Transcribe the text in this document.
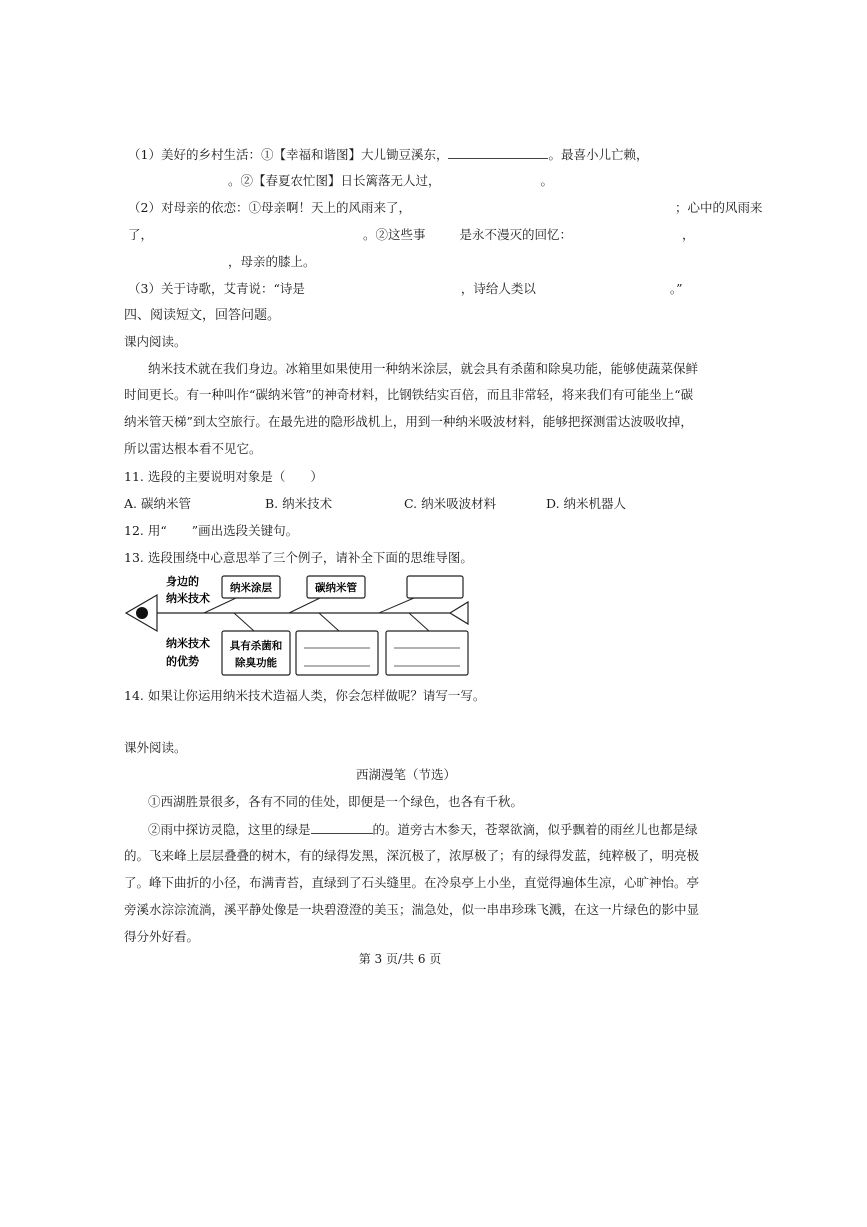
（1）美好的乡村生活：①【幸福和谐图】大儿锄豆溪东，	。最喜小儿亡赖，
。②【春夏农忙图】日长篱落无人过，	。
（2）对母亲的依恋：①母亲啊！天上的风雨来了，	；心中的风雨来
了，	。②这些事	是永不漫灭的回忆：	，
，母亲的膝上。
（3）关于诗歌，艾青说：“诗是	，诗给人类以	。”
四、阅读短文，回答问题。
课内阅读。
纳米技术就在我们身边。冰箱里如果使用一种纳米涂层，就会具有杀菌和除臭功能，能够使蔬菜保鲜
时间更长。有一种叫作“碳纳米管”的神奇材料，比钢铁结实百倍，而且非常轻，将来我们有可能坐上“碳
纳米管天梯”到太空旅行。在最先进的隐形战机上，用到一种纳米吸波材料，能够把探测雷达波吸收掉，
所以雷达根本看不见它。
11. 选段的主要说明对象是（　　）
A. 碳纳米管	B. 纳米技术	C. 纳米吸波材料	D. 纳米机器人
12. 用“　　”画出选段关键句。
13. 选段围绕中心意思举了三个例子，请补全下面的思维导图。
身边的
纳米技术
纳米技术
的优势
纳米涂层	碳纳米管
具有杀菌和
除臭功能
14. 如果让你运用纳米技术造福人类，你会怎样做呢？请写一写。
课外阅读。
西湖漫笔（节选）
①西湖胜景很多，各有不同的佳处，即便是一个绿色，也各有千秋。
②雨中探访灵隐，这里的绿是	的。道旁古木参天，苍翠欲滴，似乎飘着的雨丝儿也都是绿
的。飞来峰上层层叠叠的树木，有的绿得发黑，深沉极了，浓厚极了；有的绿得发蓝，纯粹极了，明亮极
了。峰下曲折的小径，布满青苔，直绿到了石头缝里。在冷泉亭上小坐，直觉得遍体生凉，心旷神怡。亭
旁溪水淙淙流淌，溪平静处像是一块碧澄澄的美玉；湍急处，似一串串珍珠飞溅，在这一片绿色的影中显
得分外好看。
第 3 页/共 6 页
